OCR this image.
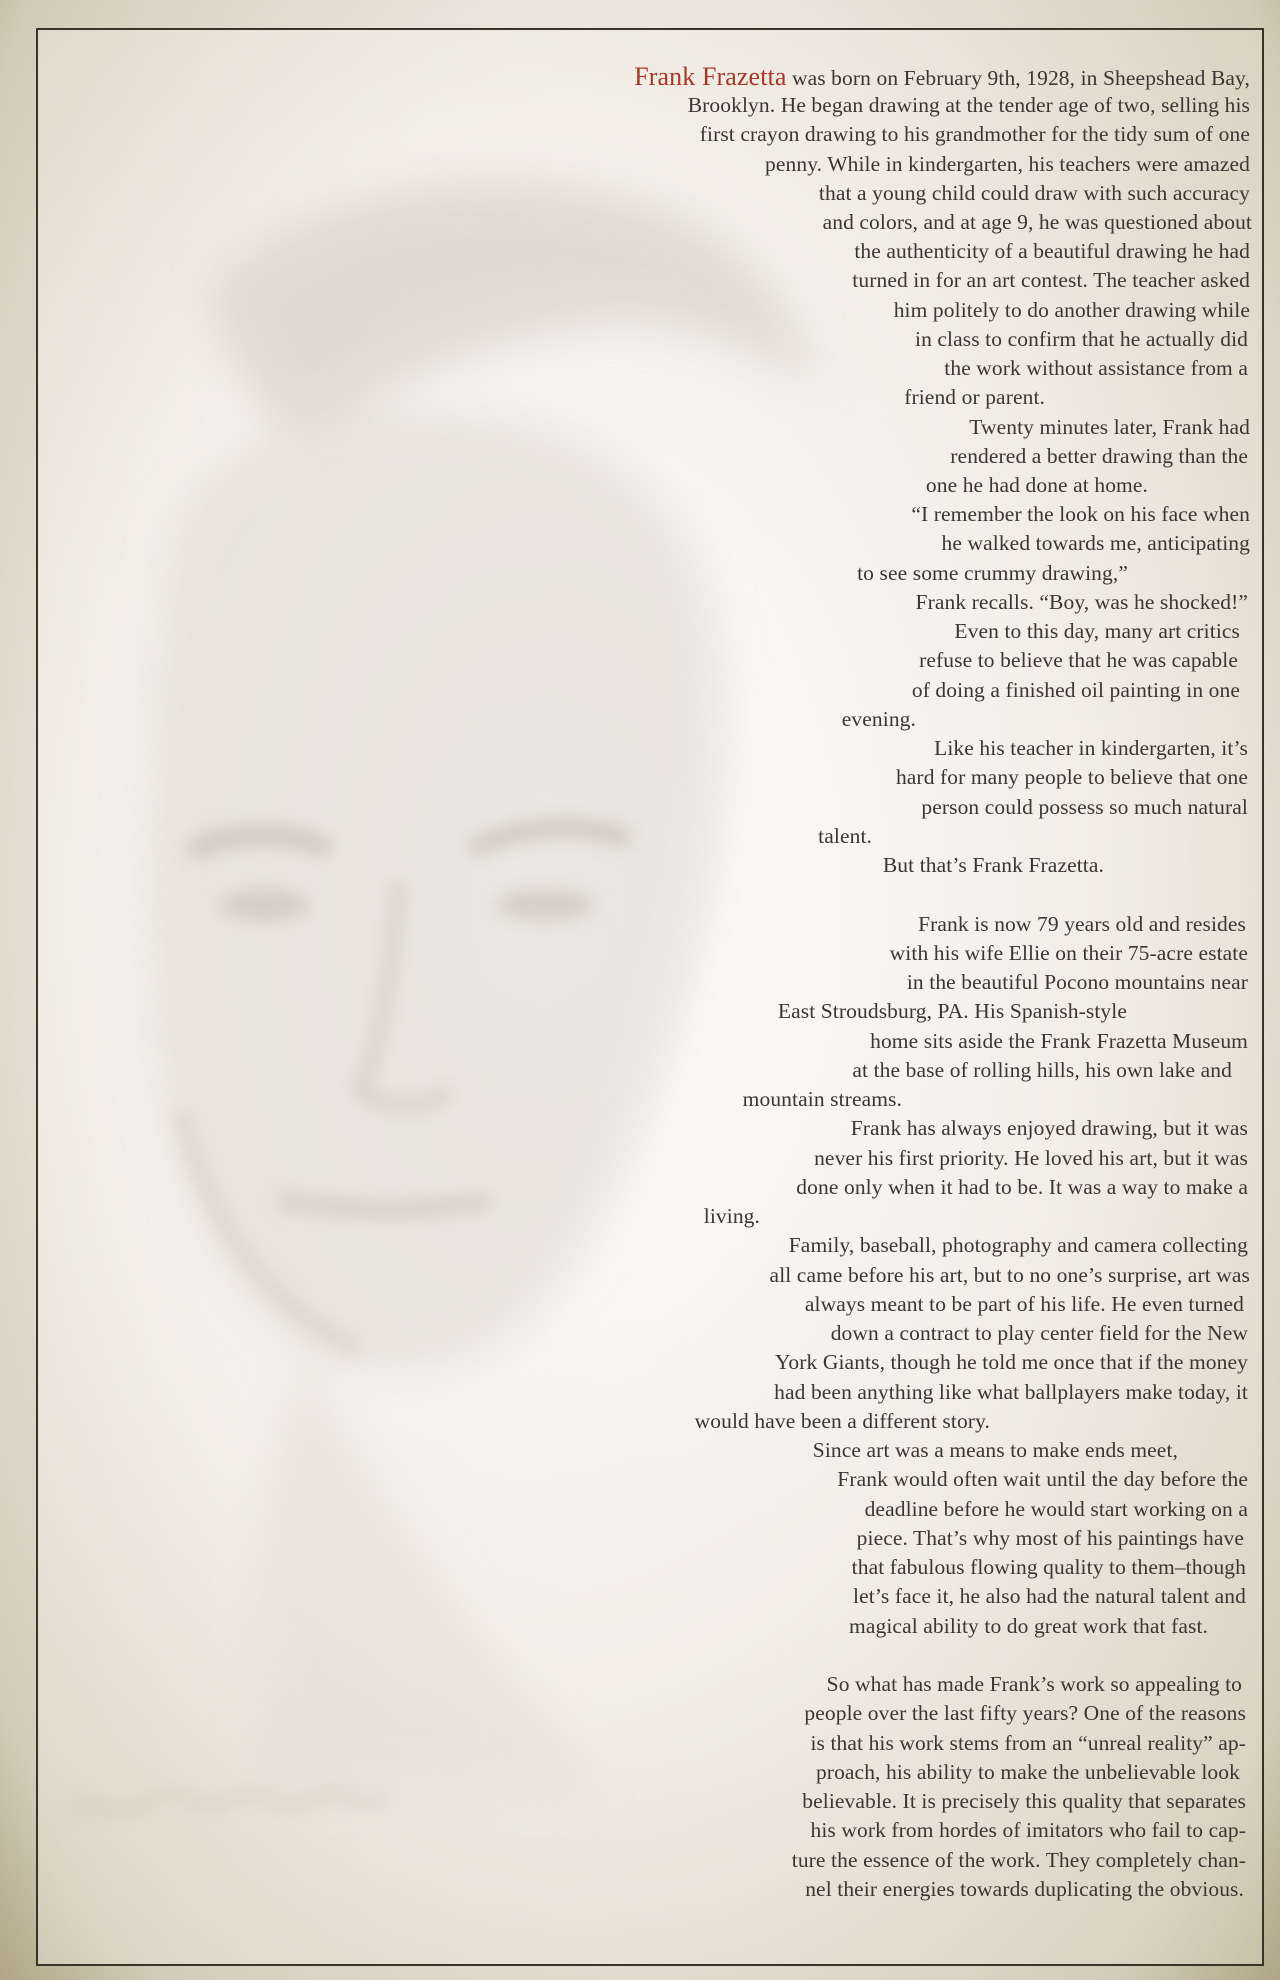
Frank Frazetta was born on February 9th, 1928, in Sheepshead Bay,
Brooklyn. He began drawing at the tender age of two, selling his
first crayon drawing to his grandmother for the tidy sum of one
penny. While in kindergarten, his teachers were amazed
that a young child could draw with such accuracy
and colors, and at age 9, he was questioned about
the authenticity of a beautiful drawing he had
turned in for an art contest. The teacher asked
him politely to do another drawing while
in class to confirm that he actually did
the work without assistance from a
friend or parent.
Twenty minutes later, Frank had
rendered a better drawing than the
one he had done at home.
“I remember the look on his face when
he walked towards me, anticipating
to see some crummy drawing,”
Frank recalls. “Boy, was he shocked!”
Even to this day, many art critics
refuse to believe that he was capable
of doing a finished oil painting in one
evening.
Like his teacher in kindergarten, it’s
hard for many people to believe that one
person could possess so much natural
talent.
But that’s Frank Frazetta.
Frank is now 79 years old and resides
with his wife Ellie on their 75-acre estate
in the beautiful Pocono mountains near
East Stroudsburg, PA. His Spanish-style
home sits aside the Frank Frazetta Museum
at the base of rolling hills, his own lake and
mountain streams.
Frank has always enjoyed drawing, but it was
never his first priority. He loved his art, but it was
done only when it had to be. It was a way to make a
living.
Family, baseball, photography and camera collecting
all came before his art, but to no one’s surprise, art was
always meant to be part of his life. He even turned
down a contract to play center field for the New
York Giants, though he told me once that if the money
had been anything like what ballplayers make today, it
would have been a different story.
Since art was a means to make ends meet,
Frank would often wait until the day before the
deadline before he would start working on a
piece. That’s why most of his paintings have
that fabulous flowing quality to them–though
let’s face it, he also had the natural talent and
magical ability to do great work that fast.
So what has made Frank’s work so appealing to
people over the last fifty years? One of the reasons
is that his work stems from an “unreal reality” ap-
proach, his ability to make the unbelievable look
believable. It is precisely this quality that separates
his work from hordes of imitators who fail to cap-
ture the essence of the work. They completely chan-
nel their energies towards duplicating the obvious.
